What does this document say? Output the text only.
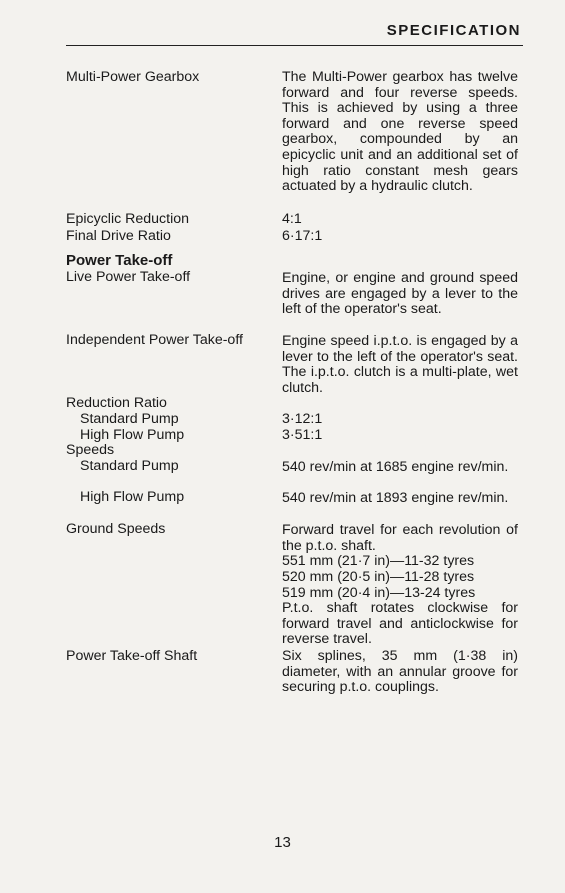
SPECIFICATION
Multi-Power Gearbox	The Multi-Power gearbox has twelve forward and four reverse speeds. This is achieved by using a three forward and one reverse speed gearbox, compounded by an epicyclic unit and an additional set of high ratio constant mesh gears actuated by a hydraulic clutch.
Epicyclic Reduction	4:1
Final Drive Ratio	6·17:1
Power Take-off
Live Power Take-off	Engine, or engine and ground speed drives are engaged by a lever to the left of the operator's seat.
Independent Power Take-off	Engine speed i.p.t.o. is engaged by a lever to the left of the operator's seat. The i.p.t.o. clutch is a multi-plate, wet clutch.
Reduction Ratio
Standard Pump	3·12:1
High Flow Pump	3·51:1
Speeds
Standard Pump	540 rev/min at 1685 engine rev/min.
High Flow Pump	540 rev/min at 1893 engine rev/min.
Ground Speeds	Forward travel for each revolution of the p.t.o. shaft.
551 mm (21·7 in)—11-32 tyres
520 mm (20·5 in)—11-28 tyres
519 mm (20·4 in)—13-24 tyres
P.t.o. shaft rotates clockwise for forward travel and anticlockwise for reverse travel.
Power Take-off Shaft	Six splines, 35 mm (1·38 in) diameter, with an annular groove for securing p.t.o. couplings.
13
